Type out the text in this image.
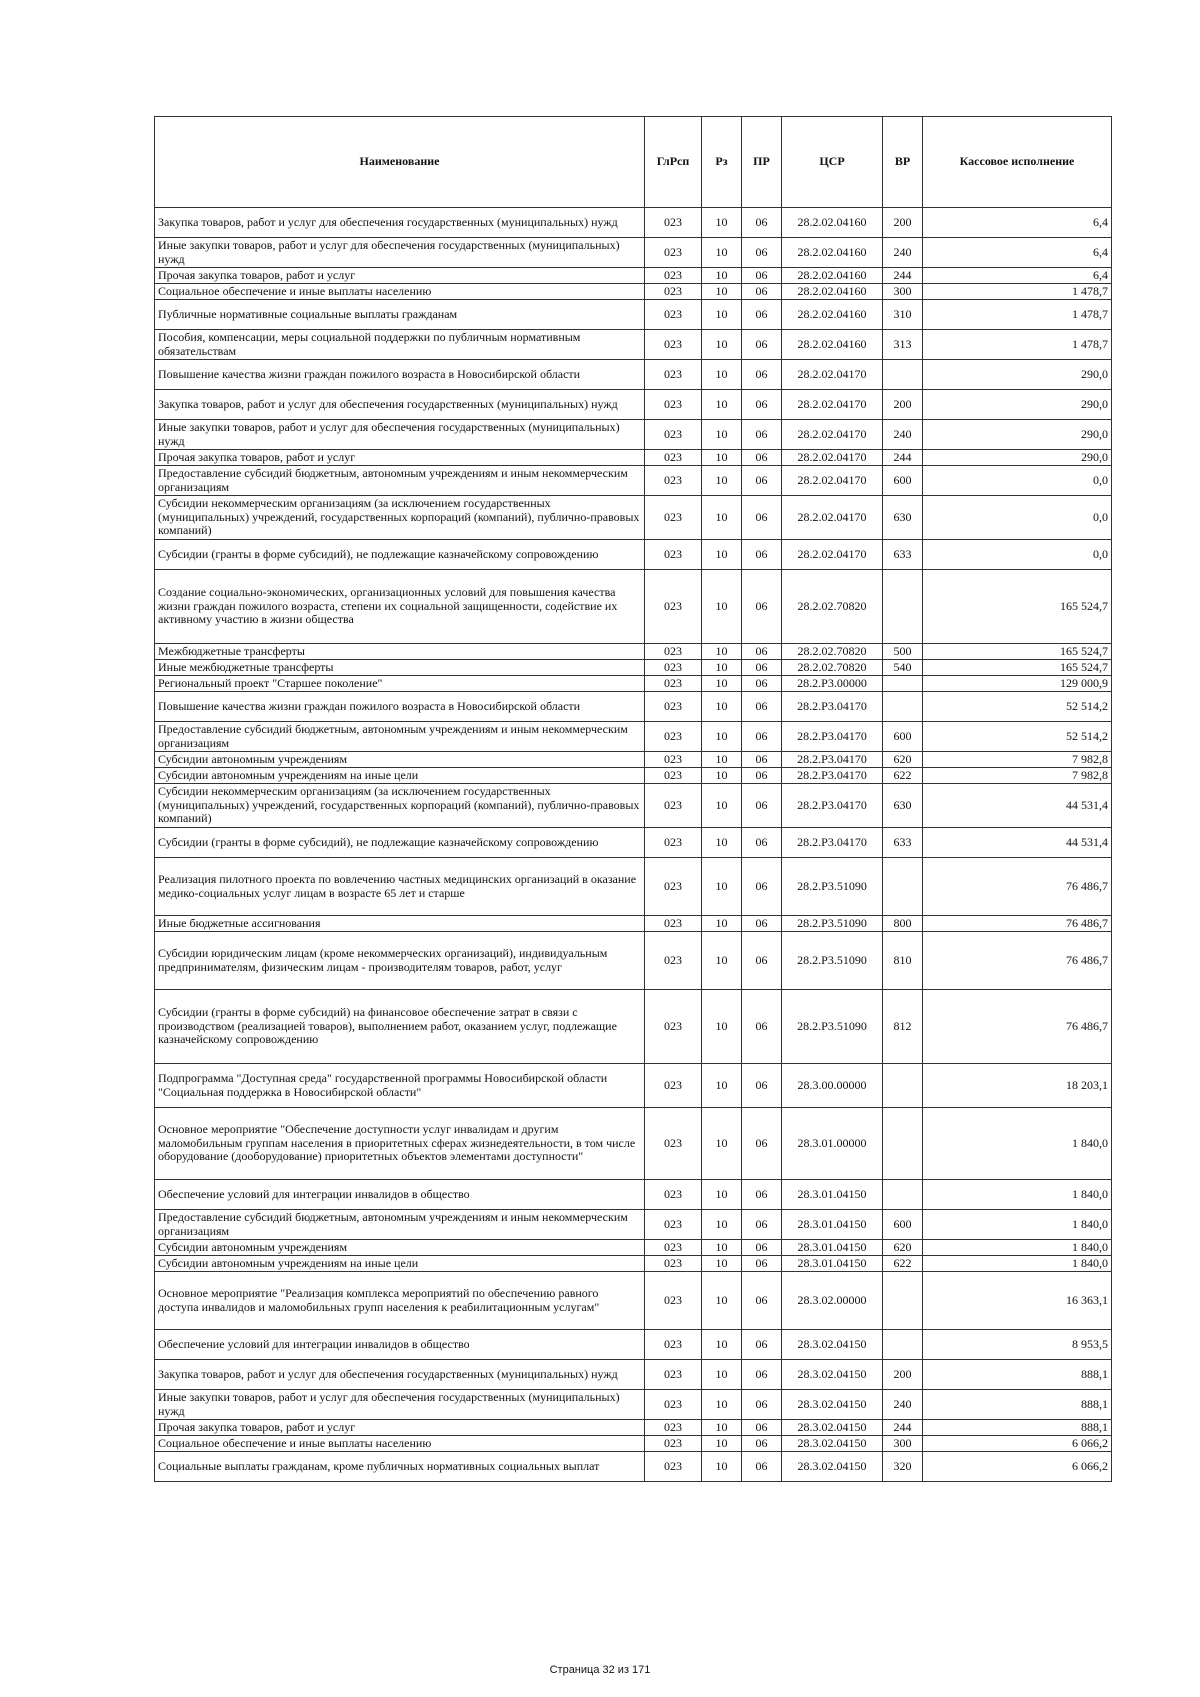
Наименование	ГлРсп	Рз	ПР	ЦСР	ВР	Кассовое исполнение
Закупка товаров, работ и услуг для обеспечения государственных (муниципальных) нужд	023	10	06	28.2.02.04160	200	6,4
Иные закупки товаров, работ и услуг для обеспечения государственных (муниципальных) нужд	023	10	06	28.2.02.04160	240	6,4
Прочая закупка товаров, работ и услуг	023	10	06	28.2.02.04160	244	6,4
Социальное обеспечение и иные выплаты населению	023	10	06	28.2.02.04160	300	1 478,7
Публичные нормативные социальные выплаты гражданам	023	10	06	28.2.02.04160	310	1 478,7
Пособия, компенсации, меры социальной поддержки по публичным нормативным обязательствам	023	10	06	28.2.02.04160	313	1 478,7
Повышение качества жизни граждан пожилого возраста в Новосибирской области	023	10	06	28.2.02.04170		290,0
Закупка товаров, работ и услуг для обеспечения государственных (муниципальных) нужд	023	10	06	28.2.02.04170	200	290,0
Иные закупки товаров, работ и услуг для обеспечения государственных (муниципальных) нужд	023	10	06	28.2.02.04170	240	290,0
Прочая закупка товаров, работ и услуг	023	10	06	28.2.02.04170	244	290,0
Предоставление субсидий бюджетным, автономным учреждениям и иным некоммерческим организациям	023	10	06	28.2.02.04170	600	0,0
Субсидии некоммерческим организациям (за исключением государственных (муниципальных) учреждений, государственных корпораций (компаний), публично-правовых компаний)	023	10	06	28.2.02.04170	630	0,0
Субсидии (гранты в форме субсидий), не подлежащие казначейскому сопровождению	023	10	06	28.2.02.04170	633	0,0
Создание социально-экономических, организационных условий для повышения качества жизни граждан пожилого возраста, степени их социальной защищенности, содействие их активному участию в жизни общества	023	10	06	28.2.02.70820		165 524,7
Межбюджетные трансферты	023	10	06	28.2.02.70820	500	165 524,7
Иные межбюджетные трансферты	023	10	06	28.2.02.70820	540	165 524,7
Региональный проект "Старшее поколение"	023	10	06	28.2.P3.00000		129 000,9
Повышение качества жизни граждан пожилого возраста в Новосибирской области	023	10	06	28.2.P3.04170		52 514,2
Предоставление субсидий бюджетным, автономным учреждениям и иным некоммерческим организациям	023	10	06	28.2.P3.04170	600	52 514,2
Субсидии автономным учреждениям	023	10	06	28.2.P3.04170	620	7 982,8
Субсидии автономным учреждениям на иные цели	023	10	06	28.2.P3.04170	622	7 982,8
Субсидии некоммерческим организациям (за исключением государственных (муниципальных) учреждений, государственных корпораций (компаний), публично-правовых компаний)	023	10	06	28.2.P3.04170	630	44 531,4
Субсидии (гранты в форме субсидий), не подлежащие казначейскому сопровождению	023	10	06	28.2.P3.04170	633	44 531,4
Реализация пилотного проекта по вовлечению частных медицинских организаций в оказание медико-социальных услуг лицам в возрасте 65 лет и старше	023	10	06	28.2.P3.51090		76 486,7
Иные бюджетные ассигнования	023	10	06	28.2.P3.51090	800	76 486,7
Субсидии юридическим лицам (кроме некоммерческих организаций), индивидуальным предпринимателям, физическим лицам - производителям товаров, работ, услуг	023	10	06	28.2.P3.51090	810	76 486,7
Субсидии (гранты в форме субсидий) на финансовое обеспечение затрат в связи с производством (реализацией товаров), выполнением работ, оказанием услуг, подлежащие казначейскому сопровождению	023	10	06	28.2.P3.51090	812	76 486,7
Подпрограмма "Доступная среда" государственной программы Новосибирской области "Социальная поддержка в Новосибирской области"	023	10	06	28.3.00.00000		18 203,1
Основное мероприятие "Обеспечение доступности услуг инвалидам и другим маломобильным группам населения в приоритетных сферах жизнедеятельности, в том числе оборудование (дооборудование) приоритетных объектов элементами доступности"	023	10	06	28.3.01.00000		1 840,0
Обеспечение условий для интеграции инвалидов в общество	023	10	06	28.3.01.04150		1 840,0
Предоставление субсидий бюджетным, автономным учреждениям и иным некоммерческим организациям	023	10	06	28.3.01.04150	600	1 840,0
Субсидии автономным учреждениям	023	10	06	28.3.01.04150	620	1 840,0
Субсидии автономным учреждениям на иные цели	023	10	06	28.3.01.04150	622	1 840,0
Основное мероприятие "Реализация комплекса мероприятий по обеспечению равного доступа инвалидов и маломобильных групп населения к реабилитационным услугам"	023	10	06	28.3.02.00000		16 363,1
Обеспечение условий для интеграции инвалидов в общество	023	10	06	28.3.02.04150		8 953,5
Закупка товаров, работ и услуг для обеспечения государственных (муниципальных) нужд	023	10	06	28.3.02.04150	200	888,1
Иные закупки товаров, работ и услуг для обеспечения государственных (муниципальных) нужд	023	10	06	28.3.02.04150	240	888,1
Прочая закупка товаров, работ и услуг	023	10	06	28.3.02.04150	244	888,1
Социальное обеспечение и иные выплаты населению	023	10	06	28.3.02.04150	300	6 066,2
Социальные выплаты гражданам, кроме публичных нормативных социальных выплат	023	10	06	28.3.02.04150	320	6 066,2
Страница 32 из 171
